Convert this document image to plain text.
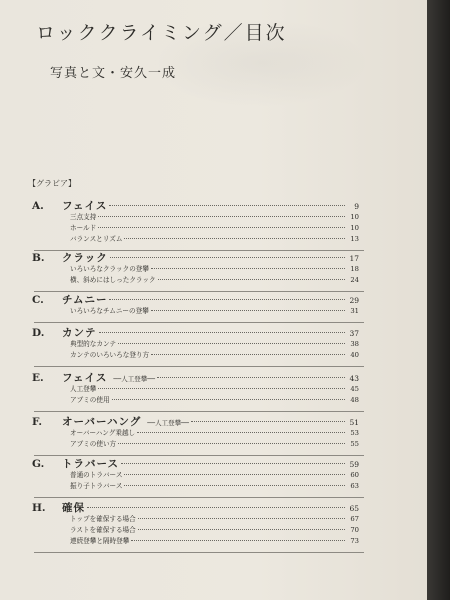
ロッククライミング／目次
写真と文・安久一成
【グラビア】
A.	フェイス	9
三点支持	10
ホールド	10
バランスとリズム	13
B.	クラック	17
いろいろなクラックの登攀	18
横、斜めにはしったクラック	24
C.	チムニー	29
いろいろなチムニーの登攀	31
D.	カンテ	37
典型的なカンテ	38
カンテのいろいろな登り方	40
E.	フェイス ──人工登攀──	43
人工登攀	45
アブミの使用	48
F.	オーバーハング ──人工登攀──	51
オーバーハング乗越し	53
アブミの使い方	55
G.	トラバース	59
普通のトラバース	60
振り子トラバース	63
H.	確保	65
トップを確保する場合	67
ラストを確保する場合	70
連続登攀と隔時登攀	73
